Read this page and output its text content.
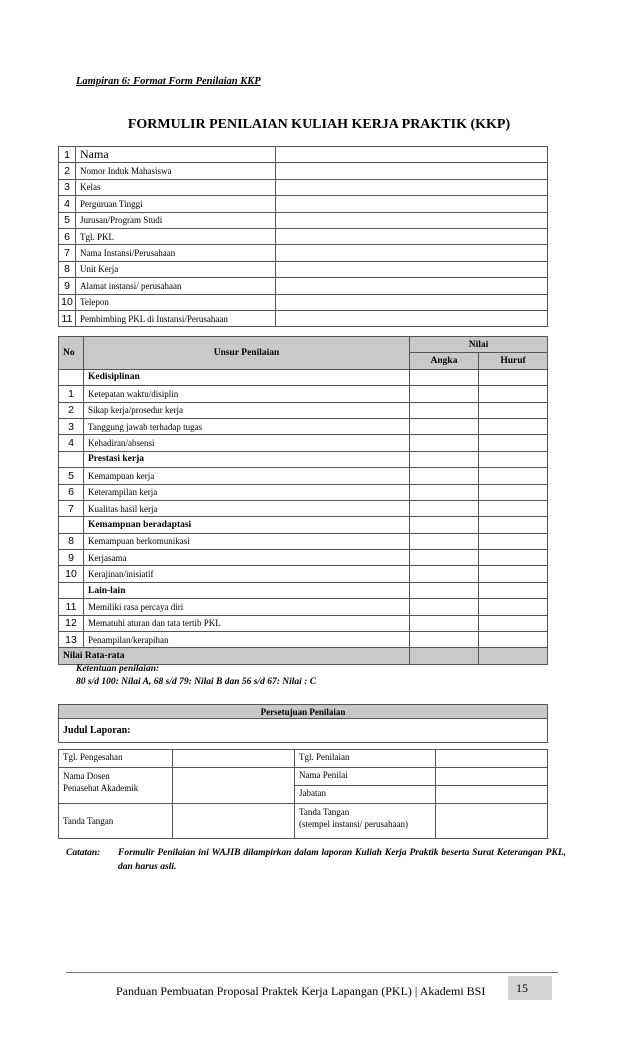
Lampiran 6: Format Form Penilaian KKP
FORMULIR PENILAIAN KULIAH KERJA PRAKTIK (KKP)
1	Nama	
2	Nomor Induk Mahasiswa	
3	Kelas	
4	Perguruan Tinggi	
5	Jurusan/Program Studi	
6	Tgl. PKL	
7	Nama Instansi/Perusahaan	
8	Unit Kerja	
9	Alamat instansi/ perusahaan	
10	Telepon	
11	Pembimbing PKL di Instansi/Perusahaan	
No	Unsur Penilaian	Nilai	
		Angka	Huruf
	Kedisiplinan		
1	Ketepatan waktu/disiplin		
2	Sikap kerja/prosedur kerja		
3	Tanggung jawab terhadap tugas		
4	Kehadiran/absensi		
	Prestasi kerja		
5	Kemampuan kerja		
6	Keterampilan kerja		
7	Kualitas hasil kerja		
	Kemampuan beradaptasi		
8	Kemampuan berkomunikasi		
9	Kerjasama		
10	Kerajinan/inisiatif		
	Lain-lain		
11	Memiliki rasa percaya diri		
12	Mematuhi aturan dan tata tertib PKL		
13	Penampilan/kerapihan		
Nilai Rata-rata			
Ketentuan penilaian:
80 s/d 100: Nilai A, 68 s/d 79: Nilai B dan 56 s/d 67: Nilai : C
Persetujuan Penilaian			
Judul Laporan:			

Tgl. Pengesahan		Tgl. Penilaian	

Nama Dosen
Penasehat Akademik		Nama Penilai	
		Jabatan	
Tanda Tangan		Tanda Tangan
(stempel instansi/ perusahaan)	

Catatan: Formulir Penilaian ini WAJIB dilampirkan dalam laporan Kuliah Kerja Praktik beserta Surat Keterangan PKL, dan harus asli.
Panduan Pembuatan Proposal Praktek Kerja Lapangan (PKL) | Akademi BSI	15
